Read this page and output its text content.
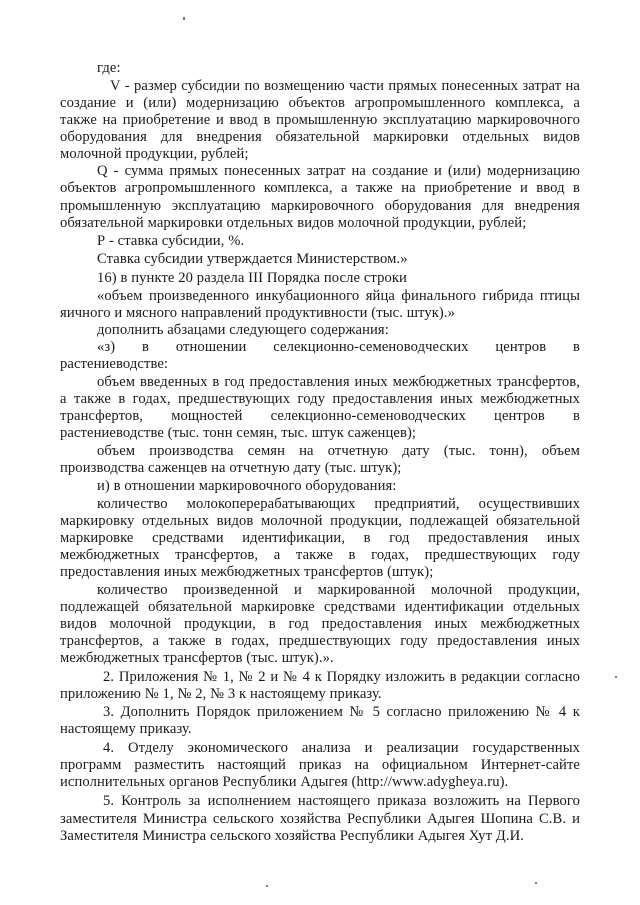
где:
V - размер субсидии по возмещению части прямых понесенных затрат на
создание и (или) модернизацию объектов агропромышленного комплекса, а
также на приобретение и ввод в промышленную эксплуатацию маркировочного
оборудования для внедрения обязательной маркировки отдельных видов
молочной продукции, рублей;
Q - сумма прямых понесенных затрат на создание и (или) модернизацию
объектов агропромышленного комплекса, а также на приобретение и ввод в
промышленную эксплуатацию маркировочного оборудования для внедрения
обязательной маркировки отдельных видов молочной продукции, рублей;
Р - ставка субсидии, %.
Ставка субсидии утверждается Министерством.»
16) в пункте 20 раздела III Порядка после строки
«объем произведенного инкубационного яйца финального гибрида птицы
яичного и мясного направлений продуктивности (тыс. штук).»
дополнить абзацами следующего содержания:
«з) в отношении селекционно-семеноводческих центров в
растениеводстве:
объем введенных в год предоставления иных межбюджетных трансфертов,
а также в годах, предшествующих году предоставления иных межбюджетных
трансфертов, мощностей селекционно-семеноводческих центров в
растениеводстве (тыс. тонн семян, тыс. штук саженцев);
объем производства семян на отчетную дату (тыс. тонн), объем
производства саженцев на отчетную дату (тыс. штук);
и) в отношении маркировочного оборудования:
количество молокоперерабатывающих предприятий, осуществивших
маркировку отдельных видов молочной продукции, подлежащей обязательной
маркировке средствами идентификации, в год предоставления иных
межбюджетных трансфертов, а также в годах, предшествующих году
предоставления иных межбюджетных трансфертов (штук);
количество произведенной и маркированной молочной продукции,
подлежащей обязательной маркировке средствами идентификации отдельных
видов молочной продукции, в год предоставления иных межбюджетных
трансфертов, а также в годах, предшествующих году предоставления иных
межбюджетных трансфертов (тыс. штук).».
2. Приложения № 1, № 2 и № 4 к Порядку изложить в редакции согласно
приложению № 1, № 2, № 3 к настоящему приказу.
3. Дополнить Порядок приложением № 5 согласно приложению № 4 к
настоящему приказу.
4. Отделу экономического анализа и реализации государственных
программ разместить настоящий приказ на официальном Интернет-сайте
исполнительных органов Республики Адыгея (http://www.adygheya.ru).
5. Контроль за исполнением настоящего приказа возложить на Первого
заместителя Министра сельского хозяйства Республики Адыгея Шопина С.В. и
Заместителя Министра сельского хозяйства Республики Адыгея Хут Д.И.
